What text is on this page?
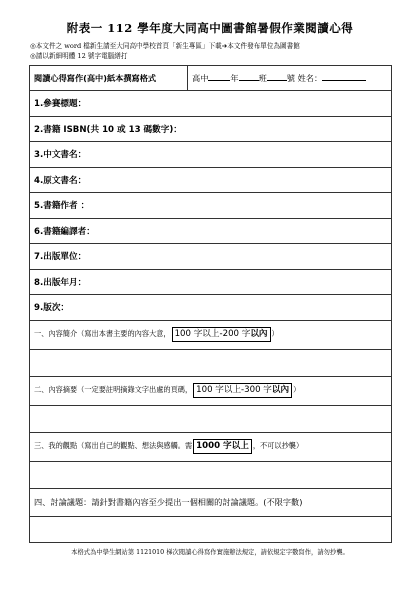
附表一 112 學年度大同高中圖書館暑假作業閱讀心得
◎本文件之 word 檔新生請至大同高中學校首頁「新生專區」下載➔本文件發布單位為圖書館
◎請以新細明體 12 號字電腦繕打
閱讀心得寫作(高中)紙本撰寫格式	高中	年 班 號 姓名：
1.參賽標題：
2.書籍 ISBN(共 10 或 13 碼數字)：
3.中文書名：
4.原文書名：
5.書籍作者 ：
6.書籍編譯者：
7.出版單位：
8.出版年月：
9.版次：
一、內容簡介（寫出本書主要的內容大意， 100 字以上-200 字以內 ）

二、內容摘要（一定要註明摘錄文字出處的頁碼， 100 字以上-300 字以內 ）

三、我的觀點（寫出自己的觀點、想法與感觸。需 1000 字以上 ，不可以抄襲）

四、討論議題：請針對書籍內容至少提出一個相關的討論議題。(不限字數)

本格式為中學生網站第 1121010 梯次閱讀心得寫作實施辦法規定，請依規定字數寫作，請勿抄襲。
